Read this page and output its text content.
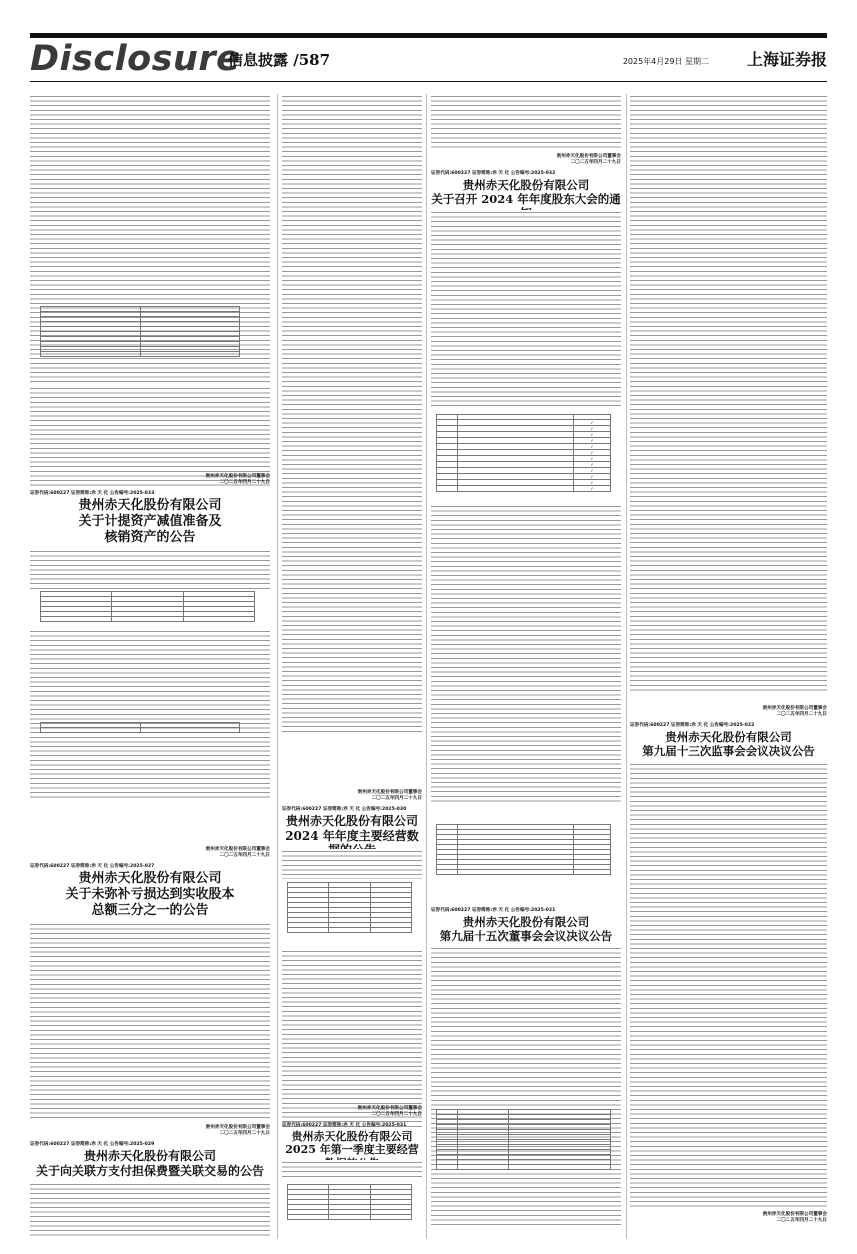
Disclosure
信息披露 /587	2025年4月29日 星期二 上海证券报

贵州赤天化股份有限公司董事会
二〇二五年四月二十九日
证券代码:600227 证券简称:赤 天 化 公告编号:2025-033
贵州赤天化股份有限公司
关于计提资产减值准备及
核销资产的公告

贵州赤天化股份有限公司董事会
二〇二五年四月二十九日
证券代码:600227 证券简称:赤 天 化 公告编号:2025-027
贵州赤天化股份有限公司
关于未弥补亏损达到实收股本
总额三分之一的公告
贵州赤天化股份有限公司董事会
二〇二五年四月二十九日
证券代码:600227 证券简称:赤 天 化 公告编号:2025-029
贵州赤天化股份有限公司
关于向关联方支付担保费暨关联交易的公告
贵州赤天化股份有限公司董事会
二〇二五年四月二十九日
证券代码:600227 证券简称:赤 天 化 公告编号:2025-030
贵州赤天化股份有限公司
2024 年年度主要经营数

贵州赤天化股份有限公司董事会
二〇二五年四月二十九日
证券代码:600227 证券简称:赤 天 化 公告编号:2025-031
贵州赤天化股份有限公司
2025 年第一季度主要经营

贵州赤天化股份有限公司董事会
二〇二五年四月二十九日
证券代码:600227 证券简称:赤 天 化 公告编号:2025-032
贵州赤天化股份有限公司
关于召开 2024 年年度股东大会的通

		✓
		✓
		✓
		✓
		✓
		✓
		✓
		✓
		✓
		✓
		✓
		✓

证券代码:600227 证券简称:赤 天 化 公告编号:2025-021
贵州赤天化股份有限公司
第九届十五次董事会会议决议公告

贵州赤天化股份有限公司董事会
二〇二五年四月二十九日
证券代码:600227 证券简称:赤 天 化 公告编号:2025-022
贵州赤天化股份有限公司
第九届十三次监事会会议决议公告
贵州赤天化股份有限公司董事会
二〇二五年四月二十九日
